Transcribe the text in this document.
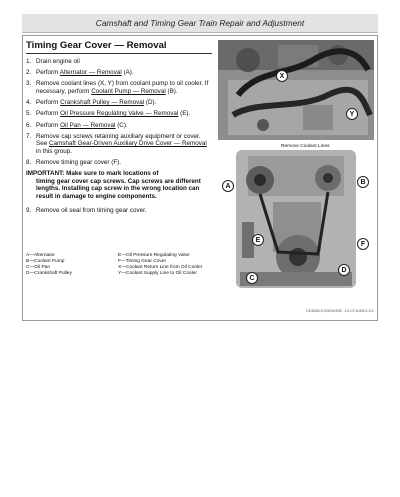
Camshaft and Timing Gear Train Repair and Adjustment
Timing Gear Cover — Removal
1. Drain engine oil
2. Perform Alternator — Removal (A).
3. Remove coolant lines (X, Y) from coolant pump to oil cooler. If necessary, perform Coolant Pump — Removal (B).
4. Perform Crankshaft Pulley — Removal (D).
5. Perform Oil Pressure Regulating Valve — Removal (E).
6. Perform Oil Pan — Removal (C).
7. Remove cap screws retaining auxiliary equipment or cover. See Camshaft Gear-Driven Auxiliary Drive Cover — Removal in this group.
8. Remove timing gear cover (F).
IMPORTANT: Make sure to mark locations of
timing gear cover cap screws. Cap screws are different lengths. Installing cap screw in the wrong location can result in damage to engine components.
9. Remove oil seal from timing gear cover.
A—Alternator
B—Coolant Pump
C—Oil Pan
D—Crankshaft Pulley
E—Oil Pressure Regulating Valve
F—Timing Gear Cover
X—Coolant Return Line from Oil Cooler
Y—Coolant Supply Line to Oil Cooler
X
Y
Remove Coolant Lines
A
B
E
F
C
D
CD52623,0000030E -19-07JUN13-1/1
